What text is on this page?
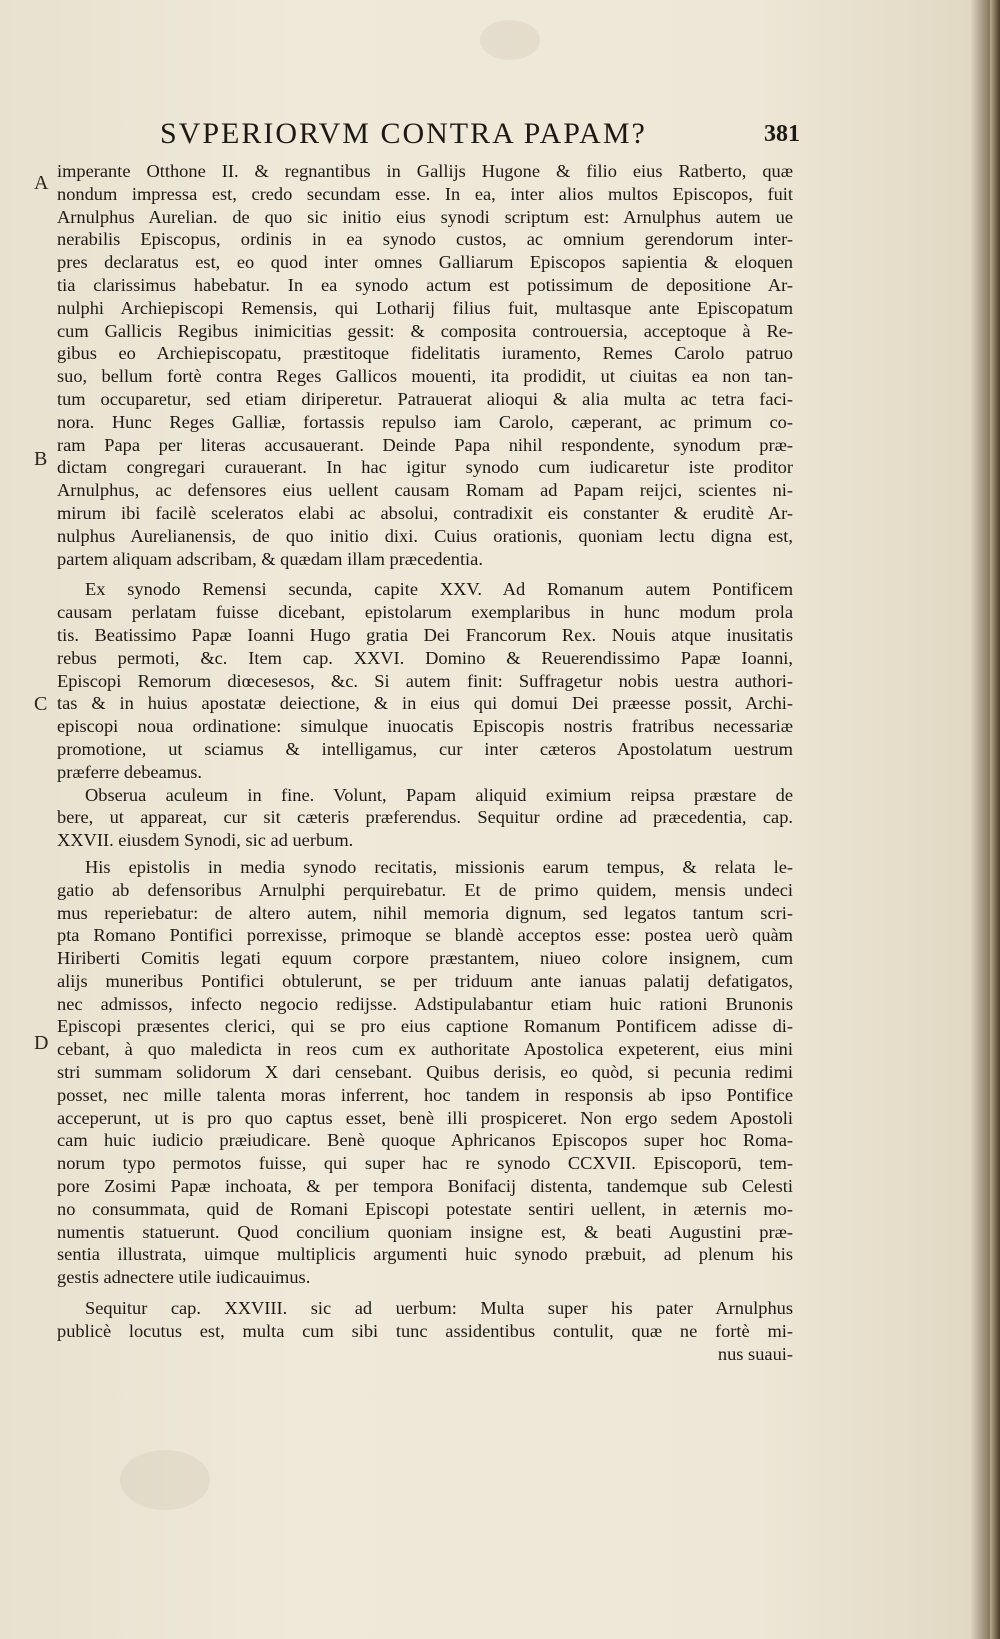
SVPERIORVM CONTRA PAPAM?	381
A
B
C
D
imperante Otthone II. & regnantibus in Gallijs Hugone & filio eius Ratberto, quæ
nondum impressa est, credo secundam esse. In ea, inter alios multos Episcopos, fuit
Arnulphus Aurelian. de quo sic initio eius synodi scriptum est: Arnulphus autem ue
nerabilis Episcopus, ordinis in ea synodo custos, ac omnium gerendorum inter-
pres declaratus est, eo quod inter omnes Galliarum Episcopos sapientia & eloquen
tia clarissimus habebatur. In ea synodo actum est potissimum de depositione Ar-
nulphi Archiepiscopi Remensis, qui Lotharij filius fuit, multasque ante Episcopatum
cum Gallicis Regibus inimicitias gessit: & composita controuersia, acceptoque à Re-
gibus eo Archiepiscopatu, præstitoque fidelitatis iuramento, Remes Carolo patruo
suo, bellum fortè contra Reges Gallicos mouenti, ita prodidit, ut ciuitas ea non tan-
tum occuparetur, sed etiam diriperetur. Patrauerat alioqui & alia multa ac tetra faci-
nora. Hunc Reges Galliæ, fortassis repulso iam Carolo, cæperant, ac primum co-
ram Papa per literas accusauerant. Deinde Papa nihil respondente, synodum præ-
dictam congregari curauerant. In hac igitur synodo cum iudicaretur iste proditor
Arnulphus, ac defensores eius uellent causam Romam ad Papam reijci, scientes ni-
mirum ibi facilè sceleratos elabi ac absolui, contradixit eis constanter & eruditè Ar-
nulphus Aurelianensis, de quo initio dixi. Cuius orationis, quoniam lectu digna est,
partem aliquam adscribam, & quædam illam præcedentia.
Ex synodo Remensi secunda, capite XXV. Ad Romanum autem Pontificem
causam perlatam fuisse dicebant, epistolarum exemplaribus in hunc modum prola
tis. Beatissimo Papæ Ioanni Hugo gratia Dei Francorum Rex. Nouis atque inusitatis
rebus permoti, &c. Item cap. XXVI. Domino & Reuerendissimo Papæ Ioanni,
Episcopi Remorum diœcesesos, &c. Si autem finit: Suffragetur nobis uestra authori-
tas & in huius apostatæ deiectione, & in eius qui domui Dei præesse possit, Archi-
episcopi noua ordinatione: simulque inuocatis Episcopis nostris fratribus necessariæ
promotione, ut sciamus & intelligamus, cur inter cæteros Apostolatum uestrum
præferre debeamus.
Obserua aculeum in fine. Volunt, Papam aliquid eximium reipsa præstare de
bere, ut appareat, cur sit cæteris præferendus. Sequitur ordine ad præcedentia, cap.
XXVII. eiusdem Synodi, sic ad uerbum.
His epistolis in media synodo recitatis, missionis earum tempus, & relata le-
gatio ab defensoribus Arnulphi perquirebatur. Et de primo quidem, mensis undeci
mus reperiebatur: de altero autem, nihil memoria dignum, sed legatos tantum scri-
pta Romano Pontifici porrexisse, primoque se blandè acceptos esse: postea uerò quàm
Hiriberti Comitis legati equum corpore præstantem, niueo colore insignem, cum
alijs muneribus Pontifici obtulerunt, se per triduum ante ianuas palatij defatigatos,
nec admissos, infecto negocio redijsse. Adstipulabantur etiam huic rationi Brunonis
Episcopi præsentes clerici, qui se pro eius captione Romanum Pontificem adisse di-
cebant, à quo maledicta in reos cum ex authoritate Apostolica expeterent, eius mini
stri summam solidorum X dari censebant. Quibus derisis, eo quòd, si pecunia redimi
posset, nec mille talenta moras inferrent, hoc tandem in responsis ab ipso Pontifice
acceperunt, ut is pro quo captus esset, benè illi prospiceret. Non ergo sedem Apostoli
cam huic iudicio præiudicare. Benè quoque Aphricanos Episcopos super hoc Roma-
norum typo permotos fuisse, qui super hac re synodo CCXVII. Episcoporū, tem-
pore Zosimi Papæ inchoata, & per tempora Bonifacij distenta, tandemque sub Celesti
no consummata, quid de Romani Episcopi potestate sentiri uellent, in æternis mo-
numentis statuerunt. Quod concilium quoniam insigne est, & beati Augustini præ-
sentia illustrata, uimque multiplicis argumenti huic synodo præbuit, ad plenum his
gestis adnectere utile iudicauimus.
Sequitur cap. XXVIII. sic ad uerbum: Multa super his pater Arnulphus
publicè locutus est, multa cum sibi tunc assidentibus contulit, quæ ne fortè mi-
nus suaui-
